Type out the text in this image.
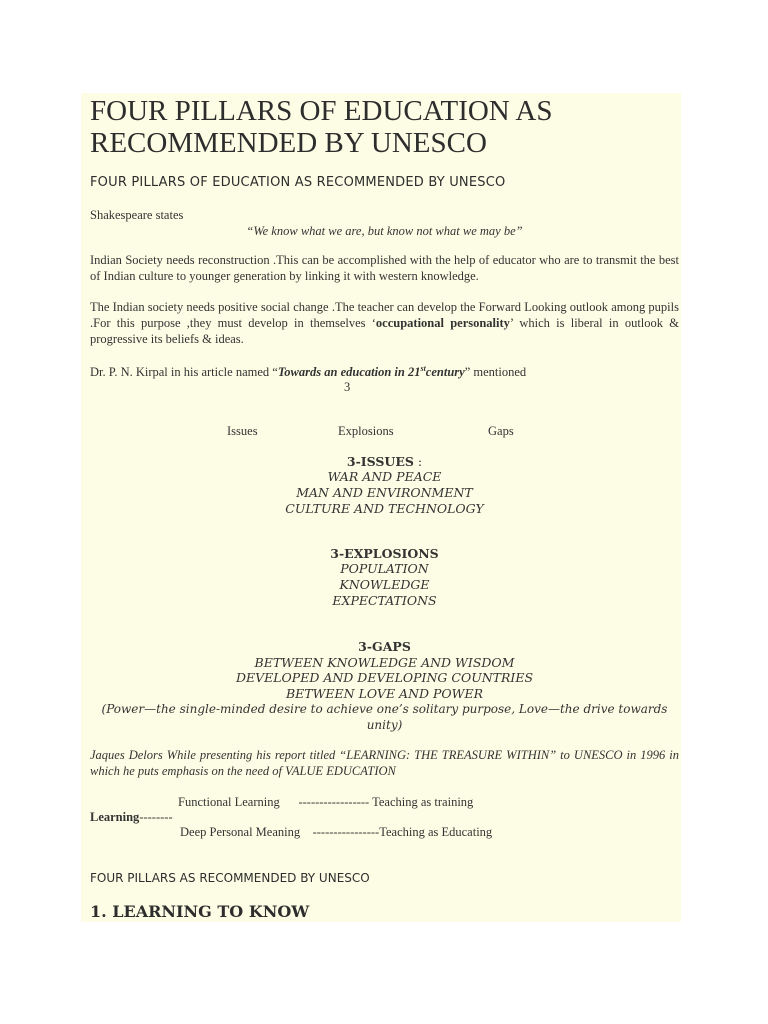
FOUR PILLARS OF EDUCATION AS
RECOMMENDED BY UNESCO
FOUR PILLARS OF EDUCATION AS RECOMMENDED BY UNESCO
Shakespeare states
“We know what we are, but know not what we may be”
Indian Society needs reconstruction .This can be accomplished with the help of educator who are to transmit the best of Indian culture to younger generation by linking it with western knowledge.
The Indian society needs positive social change .The teacher can develop the Forward Looking outlook among pupils .For this purpose ,they must develop in themselves ‘occupational personality’ which is liberal in outlook & progressive its beliefs & ideas.
Dr. P. N. Kirpal in his article named “Towards an education in 21stcentury” mentioned
3
Issues	Explosions	Gaps
3-ISSUES :
WAR AND PEACE
MAN AND ENVIRONMENT
CULTURE AND TECHNOLOGY
3-EXPLOSIONS
POPULATION
KNOWLEDGE
EXPECTATIONS
3-GAPS
BETWEEN KNOWLEDGE AND WISDOM
DEVELOPED AND DEVELOPING COUNTRIES
BETWEEN LOVE AND POWER
(Power—the single-minded desire to achieve one’s solitary purpose, Love—the drive towards unity)
Jaques Delors While presenting his report titled “LEARNING: THE TREASURE WITHIN” to UNESCO in 1996 in which he puts emphasis on the need of VALUE EDUCATION
Functional Learning      ----------------- Teaching as training
Learning--------
Deep Personal Meaning    ----------------Teaching as Educating
FOUR PILLARS AS RECOMMENDED BY UNESCO
1. LEARNING TO KNOW
